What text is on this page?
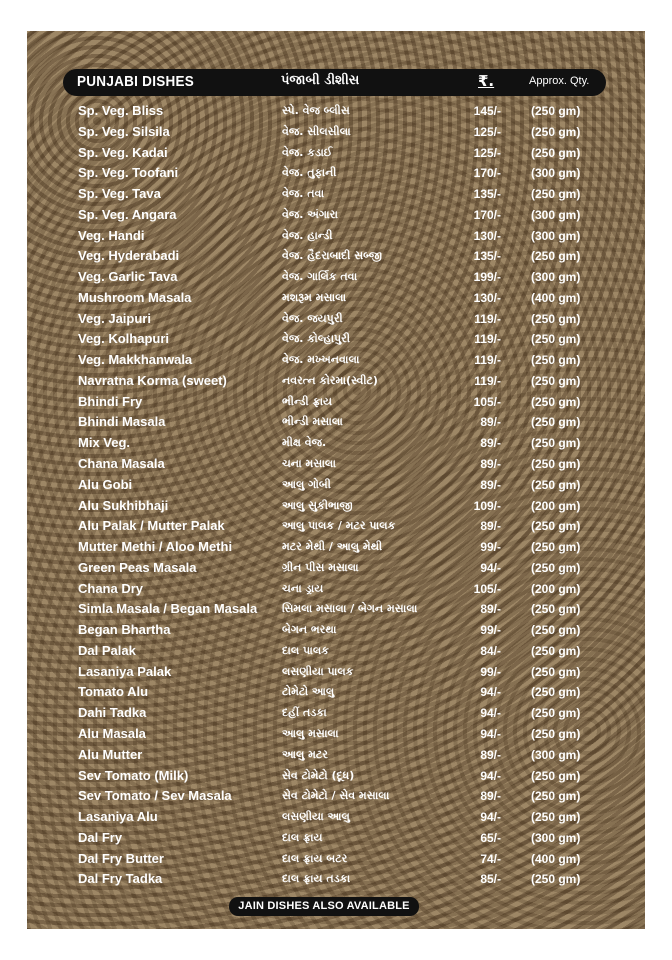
PUNJABI DISHES	પંજાબી ડીશીસ	₹.	Approx. Qty.
Sp. Veg. Bliss	સ્પે. વેજ બ્લીસ	145/-	(250 gm)
Sp. Veg. Silsila	વેજ. સીલસીલા	125/-	(250 gm)
Sp. Veg. Kadai	વેજ. કડાઈ	125/-	(250 gm)
Sp. Veg. Toofani	વેજ. તુફાની	170/-	(300 gm)
Sp. Veg. Tava	વેજ. તવા	135/-	(250 gm)
Sp. Veg. Angara	વેજ. અંગારા	170/-	(300 gm)
Veg. Handi	વેજ. હાન્ડી	130/-	(300 gm)
Veg. Hyderabadi	વેજ. હૈદરાબાદી સબ્જી	135/-	(250 gm)
Veg. Garlic Tava	વેજ. ગાર્લિક તવા	199/-	(300 gm)
Mushroom Masala	મશરૂમ મસાલા	130/-	(400 gm)
Veg. Jaipuri	વેજ. જયપુરી	119/-	(250 gm)
Veg. Kolhapuri	વેજ. કોલ્હાપુરી	119/-	(250 gm)
Veg. Makkhanwala	વેજ. મખ્ખનવાલા	119/-	(250 gm)
Navratna Korma (sweet)	નવરત્ન કોરમા(સ્વીટ)	119/-	(250 gm)
Bhindi Fry	ભીન્ડી ફ્રાય	105/-	(250 gm)
Bhindi Masala	ભીન્ડી મસાલા	89/-	(250 gm)
Mix Veg.	મીક્ષ વેજ.	89/-	(250 gm)
Chana Masala	ચના મસાલા	89/-	(250 gm)
Alu Gobi	આલુ ગોબી	89/-	(250 gm)
Alu Sukhibhaji	આલુ સુકીભાજી	109/-	(200 gm)
Alu Palak / Mutter Palak	આલુ પાલક / મટર પાલક	89/-	(250 gm)
Mutter Methi / Aloo Methi	મટર મેથી / આલુ મેથી	99/-	(250 gm)
Green Peas Masala	ગ્રીન પીસ મસાલા	94/-	(250 gm)
Chana Dry	ચના ડ્રાય	105/-	(200 gm)
Simla Masala / Began Masala સિમલા મસાલા / બેગન મસાલા	89/-	(250 gm)
Began Bhartha	બેગન ભરથા	99/-	(250 gm)
Dal Palak	દાલ પાલક	84/-	(250 gm)
Lasaniya Palak	લસણીયા પાલક	99/-	(250 gm)
Tomato Alu	ટોમેટો આલુ	94/-	(250 gm)
Dahi Tadka	દહીં તડકા	94/-	(250 gm)
Alu Masala	આલુ મસાલા	94/-	(250 gm)
Alu Mutter	આલુ મટર	89/-	(300 gm)
Sev Tomato (Milk)	સેવ ટોમેટો (દૂધ)	94/-	(250 gm)
Sev Tomato / Sev Masala	સેવ ટોમેટો / સેવ મસાલા	89/-	(250 gm)
Lasaniya Alu	લસણીયા આલુ	94/-	(250 gm)
Dal Fry	દાલ ફ્રાય	65/-	(300 gm)
Dal Fry Butter	દાલ ફ્રાય બટર	74/-	(400 gm)
Dal Fry Tadka	દાલ ફ્રાય તડકા	85/-	(250 gm)
JAIN DISHES ALSO AVAILABLE
